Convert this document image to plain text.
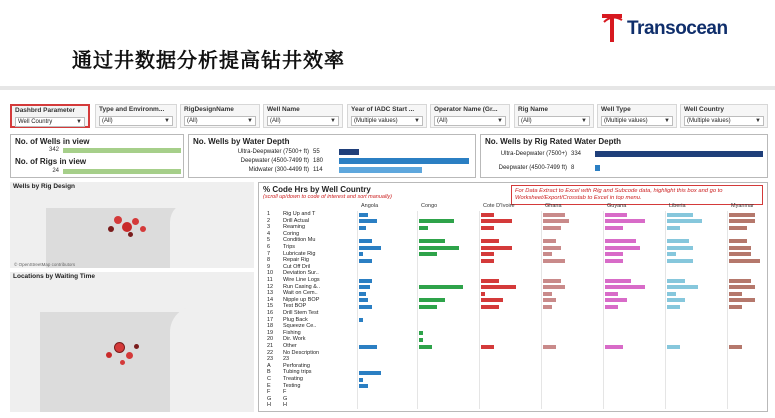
通过井数据分析提高钻井效率
Transocean
Dashbrd Parameter
Well Country	▼
Type and Environm...
(All)	▼
RigDesignName
(All)	▼
Well Name
(All)	▼
Year of IADC Start ...
(Multiple values)	▼
Operator Name (Gr...
(All)	▼
Rig Name
(All)	▼
Well Type
(Multiple values)	▼
Well Country
(Multiple values)	▼
No. of Wells in view
342
No. of Rigs in view
24
No. Wells by Water Depth
Ultra-Deepwater (7500+ ft) 55
Deepwater (4500-7499 ft) 180
Midwater (300-4499 ft) 114
No. Wells by Rig Rated Water Depth
Ultra-Deepwater (7500+) 334
Deepwater (4500-7499 ft) 8
Wells by Rig Design
© OpenStreetMap contributors
Locations by Waiting Time
% Code Hrs by Well Country
(scroll up/down to code of interest and sort manually)
For Data Extract to Excel with Rig and Subcode data, highlight this box and go to Worksheet/Export/Crosstab to Excel in top menu.
Angola	Congo	Cote D'Ivoire	Ghana	Guyana	Liberia	Myanmar
1	Rig Up and T
2	Drill Actual
3	Reaming
4	Coring
5	Condition Mu
6	Trips
7	Lubricate Rig
8	Repair Rig
9	Cut Off Dril
10	Deviation Sur..
11	Wire Line Logs
12	Run Casing &..
13	Wait on Cem..
14	Nipple up BOP
15	Test BOP
16	Drill Stem Test
17	Plug Back
18	Squeeze Ce..
19	Fishing
20	Dir. Work
21	Other
22	No Description
23	23
A	Perforating
B	Tubing trips
C	Treating
E	Testing
F	F
G	G
H	H
